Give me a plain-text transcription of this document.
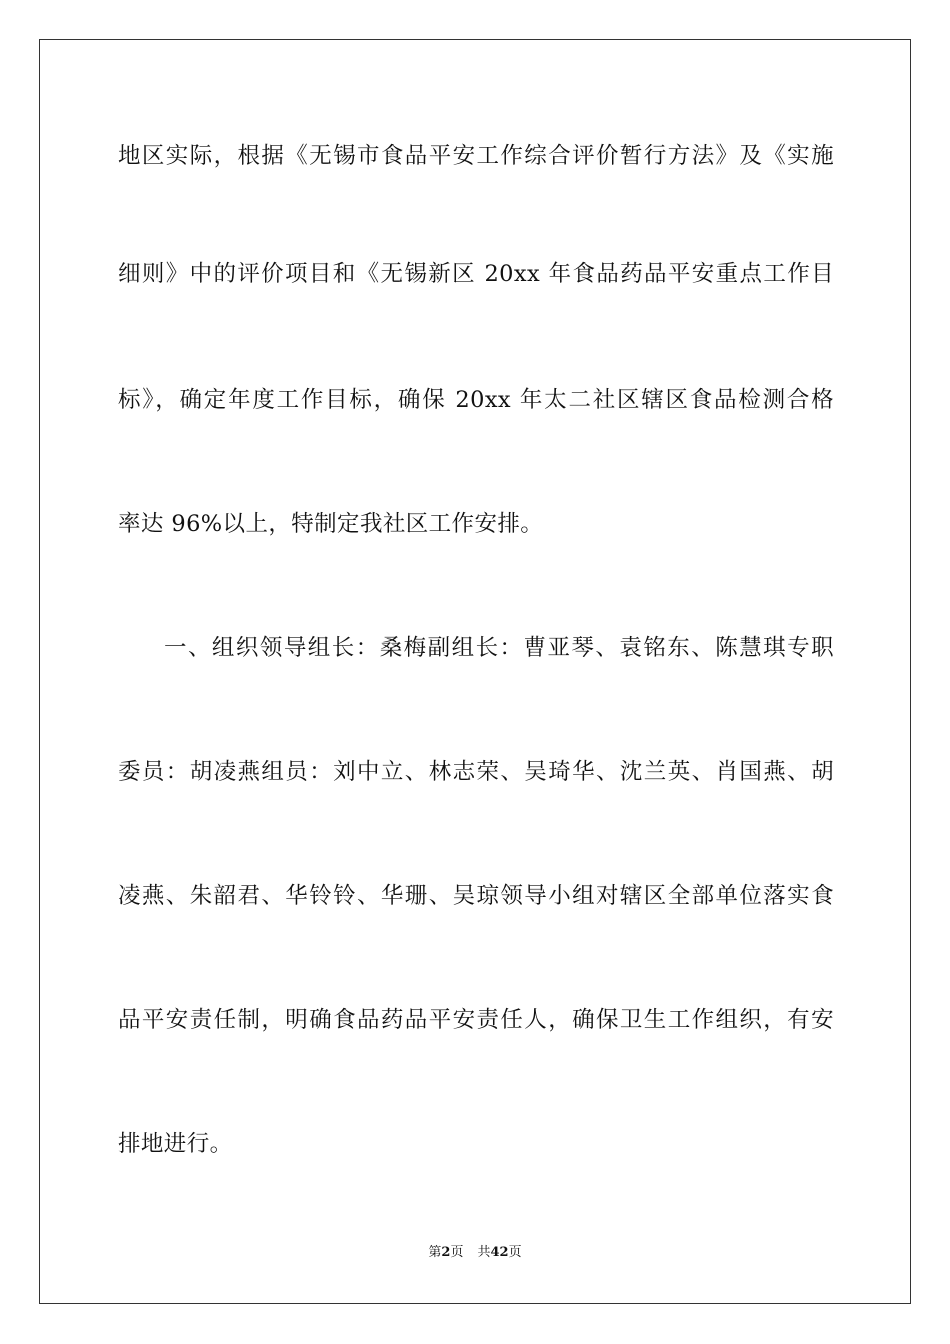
地区实际，根据《无锡市食品平安工作综合评价暂行方法》及《实施
细则》中的评价项目和《无锡新区 20xx 年食品药品平安重点工作目
标》，确定年度工作目标，确保 20xx 年太二社区辖区食品检测合格
率达 96%以上，特制定我社区工作安排。
一、组织领导组长：桑梅副组长：曹亚琴、袁铭东、陈慧琪专职
委员：胡凌燕组员：刘中立、林志荣、吴琦华、沈兰英、肖国燕、胡
凌燕、朱韶君、华铃铃、华珊、吴琼领导小组对辖区全部单位落实食
品平安责任制，明确食品药品平安责任人，确保卫生工作组织，有安
排地进行。
第2页 共42页
